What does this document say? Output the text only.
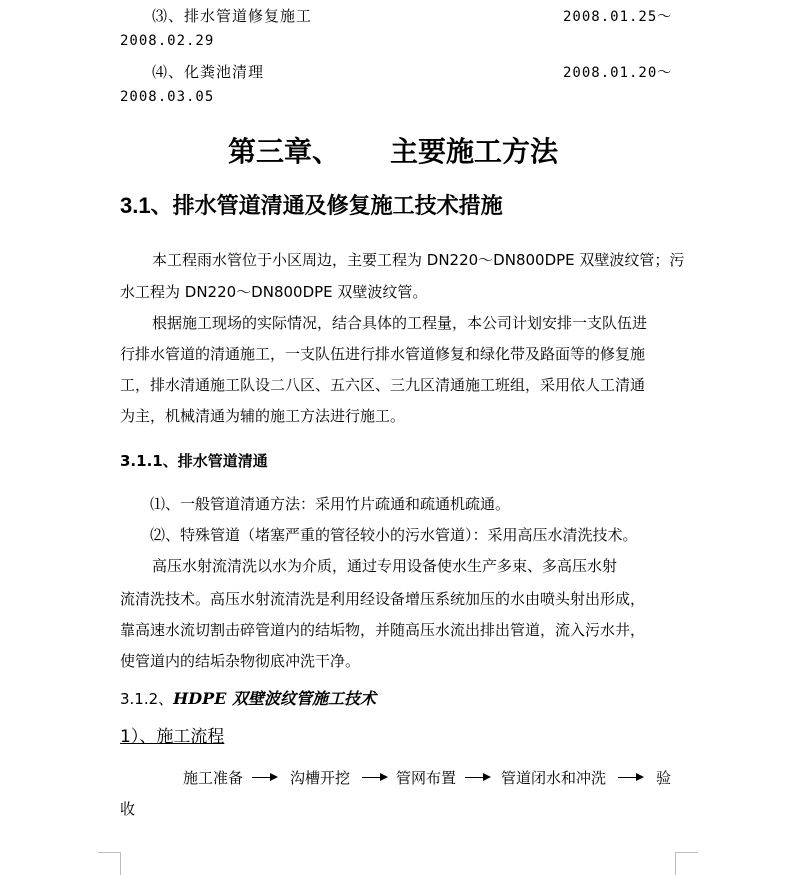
⑶、排水管道修复施工	2008.01.25～
2008.02.29
⑷、化粪池清理	2008.01.20～
2008.03.05
第三章、 主要施工方法
3.1、排水管道清通及修复施工技术措施
本工程雨水管位于小区周边，主要工程为 DN220～DN800DPE 双壁波纹管；污
水工程为 DN220～DN800DPE 双壁波纹管。
根据施工现场的实际情况，结合具体的工程量，本公司计划安排一支队伍进
行排水管道的清通施工，一支队伍进行排水管道修复和绿化带及路面等的修复施
工，排水清通施工队设二八区、五六区、三九区清通施工班组，采用依人工清通
为主，机械清通为辅的施工方法进行施工。
3.1.1、排水管道清通
⑴、一般管道清通方法：采用竹片疏通和疏通机疏通。
⑵、特殊管道（堵塞严重的管径较小的污水管道）：采用高压水清洗技术。
高压水射流清洗以水为介质，通过专用设备使水生产多束、多高压水射
流清洗技术。高压水射流清洗是利用经设备增压系统加压的水由喷头射出形成，
靠高速水流切割击碎管道内的结垢物，并随高压水流出排出管道，流入污水井，
使管道内的结垢杂物彻底冲洗干净。
3.1.2、HDPE 双壁波纹管施工技术
1）、施工流程
施工准备	沟槽开挖	管网布置	管道闭水和冲洗	验
收
